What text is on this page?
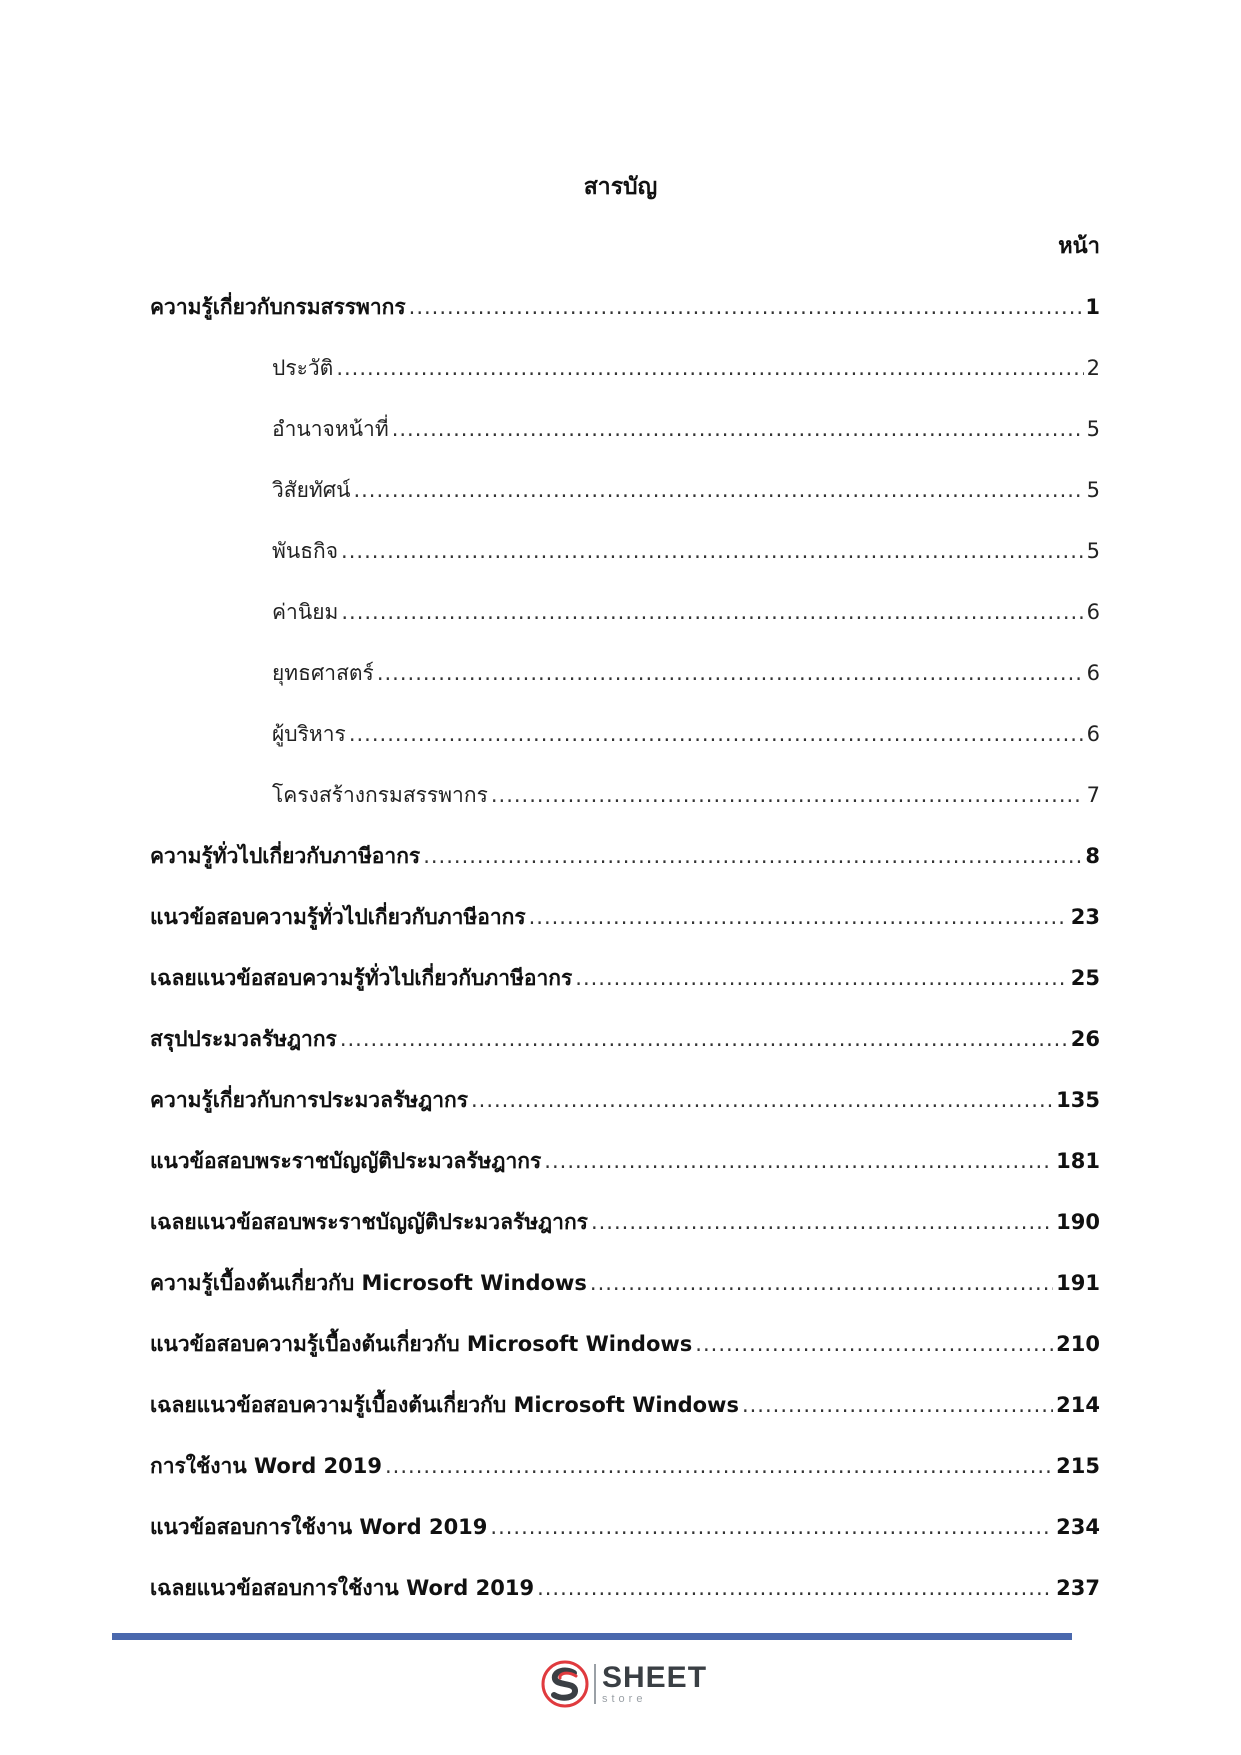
สารบัญ
หน้า
ความรู้เกี่ยวกับกรมสรรพากร .....	1
ประวัติ .....	2
อำนาจหน้าที่ .....	5
วิสัยทัศน์ .....	5
พันธกิจ .....	5
ค่านิยม .....	6
ยุทธศาสตร์ .....	6
ผู้บริหาร .....	6
โครงสร้างกรมสรรพากร .....	7
ความรู้ทั่วไปเกี่ยวกับภาษีอากร .....	8
แนวข้อสอบความรู้ทั่วไปเกี่ยวกับภาษีอากร .....	23
เฉลยแนวข้อสอบความรู้ทั่วไปเกี่ยวกับภาษีอากร .....	25
สรุปประมวลรัษฎากร .....	26
ความรู้เกี่ยวกับการประมวลรัษฎากร .....	135
แนวข้อสอบพระราชบัญญัติประมวลรัษฎากร .....	181
เฉลยแนวข้อสอบพระราชบัญญัติประมวลรัษฎากร .....	190
ความรู้เบื้องต้นเกี่ยวกับ Microsoft Windows .....	191
แนวข้อสอบความรู้เบื้องต้นเกี่ยวกับ Microsoft Windows .....	210
เฉลยแนวข้อสอบความรู้เบื้องต้นเกี่ยวกับ Microsoft Windows .....	214
การใช้งาน Word 2019 .....	215
แนวข้อสอบการใช้งาน Word 2019 .....	234
เฉลยแนวข้อสอบการใช้งาน Word 2019 .....	237
SHEET
store
